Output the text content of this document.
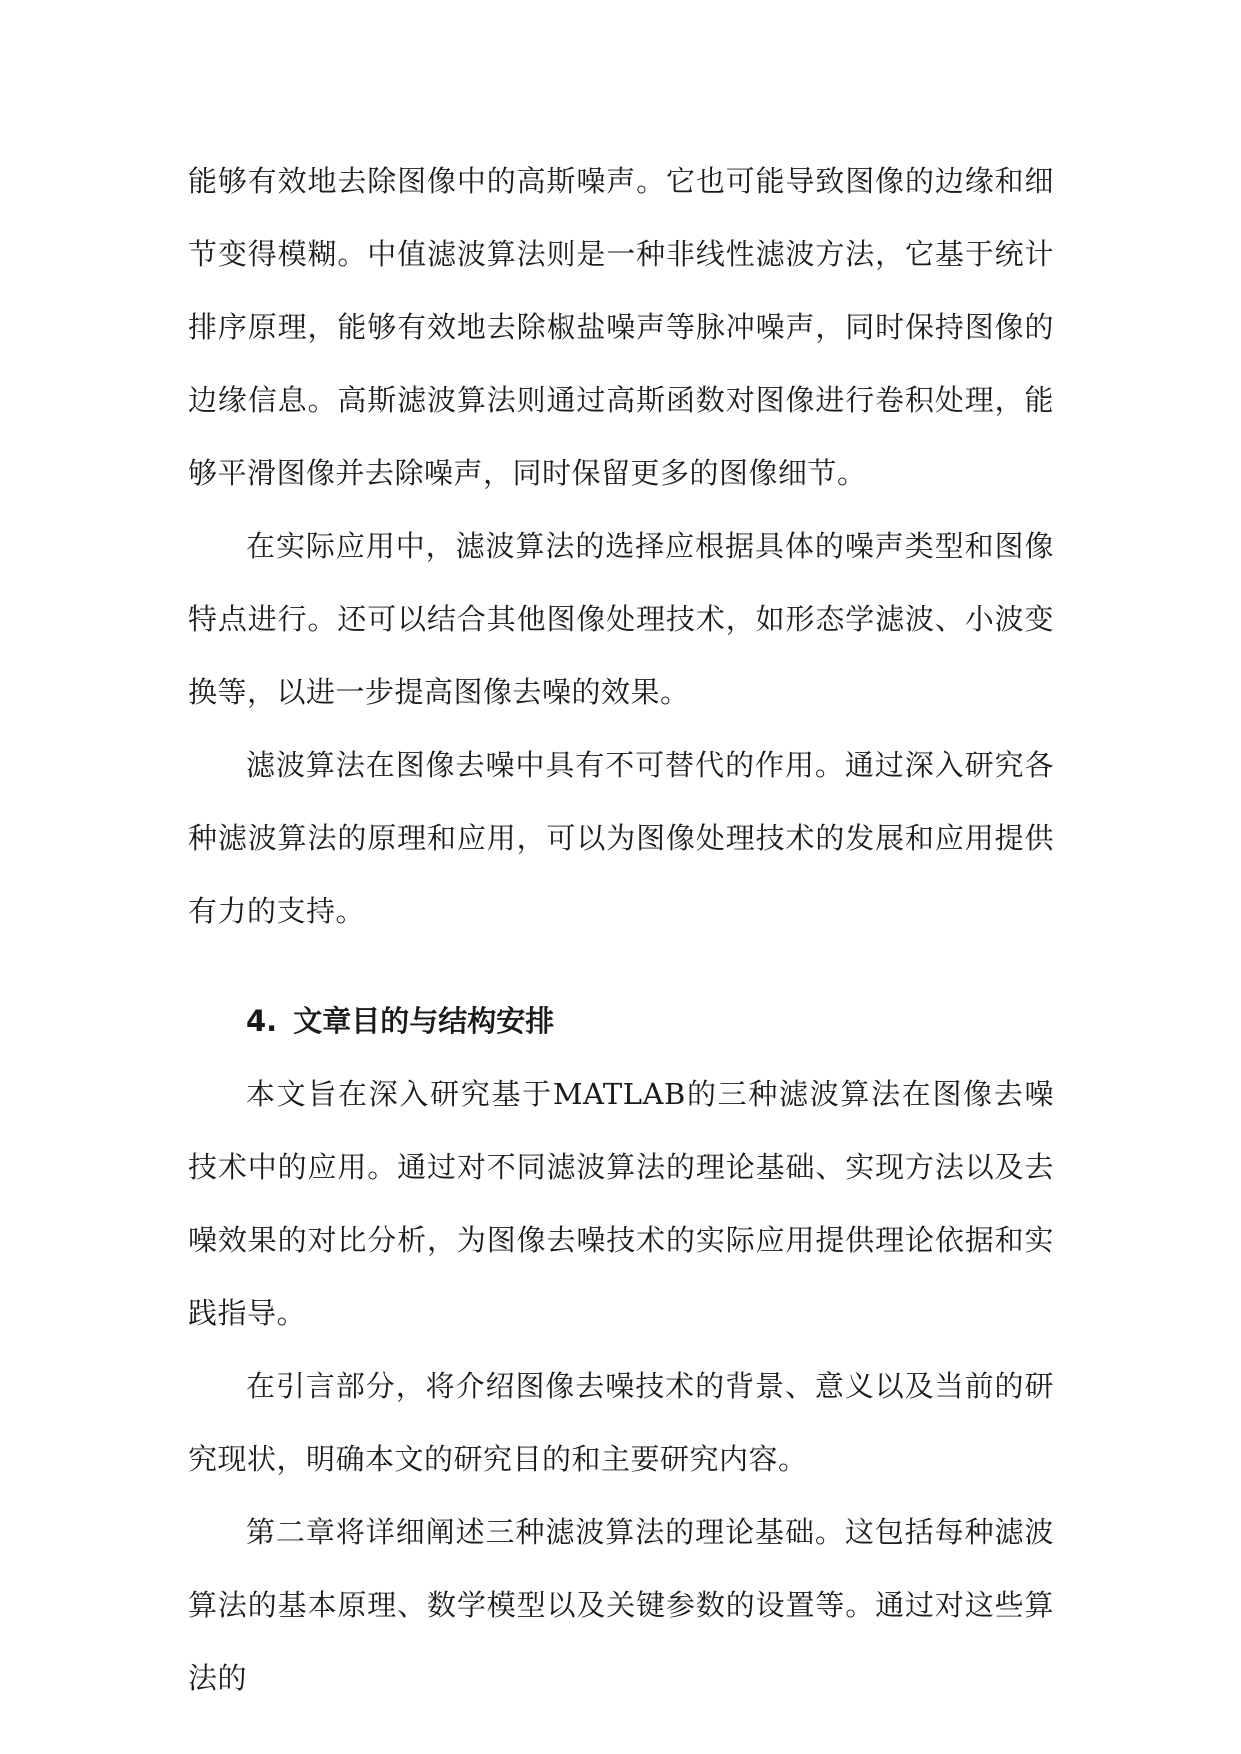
能够有效地去除图像中的高斯噪声。它也可能导致图像的边缘和细节变得模糊。中值滤波算法则是一种非线性滤波方法，它基于统计排序原理，能够有效地去除椒盐噪声等脉冲噪声，同时保持图像的边缘信息。高斯滤波算法则通过高斯函数对图像进行卷积处理，能够平滑图像并去除噪声，同时保留更多的图像细节。

在实际应用中，滤波算法的选择应根据具体的噪声类型和图像特点进行。还可以结合其他图像处理技术，如形态学滤波、小波变换等，以进一步提高图像去噪的效果。

滤波算法在图像去噪中具有不可替代的作用。通过深入研究各种滤波算法的原理和应用，可以为图像处理技术的发展和应用提供有力的支持。

4. 文章目的与结构安排

本文旨在深入研究基于MATLAB的三种滤波算法在图像去噪技术中的应用。通过对不同滤波算法的理论基础、实现方法以及去噪效果的对比分析，为图像去噪技术的实际应用提供理论依据和实践指导。

在引言部分，将介绍图像去噪技术的背景、意义以及当前的研究现状，明确本文的研究目的和主要研究内容。

第二章将详细阐述三种滤波算法的理论基础。这包括每种滤波算法的基本原理、数学模型以及关键参数的设置等。通过对这些算法的
